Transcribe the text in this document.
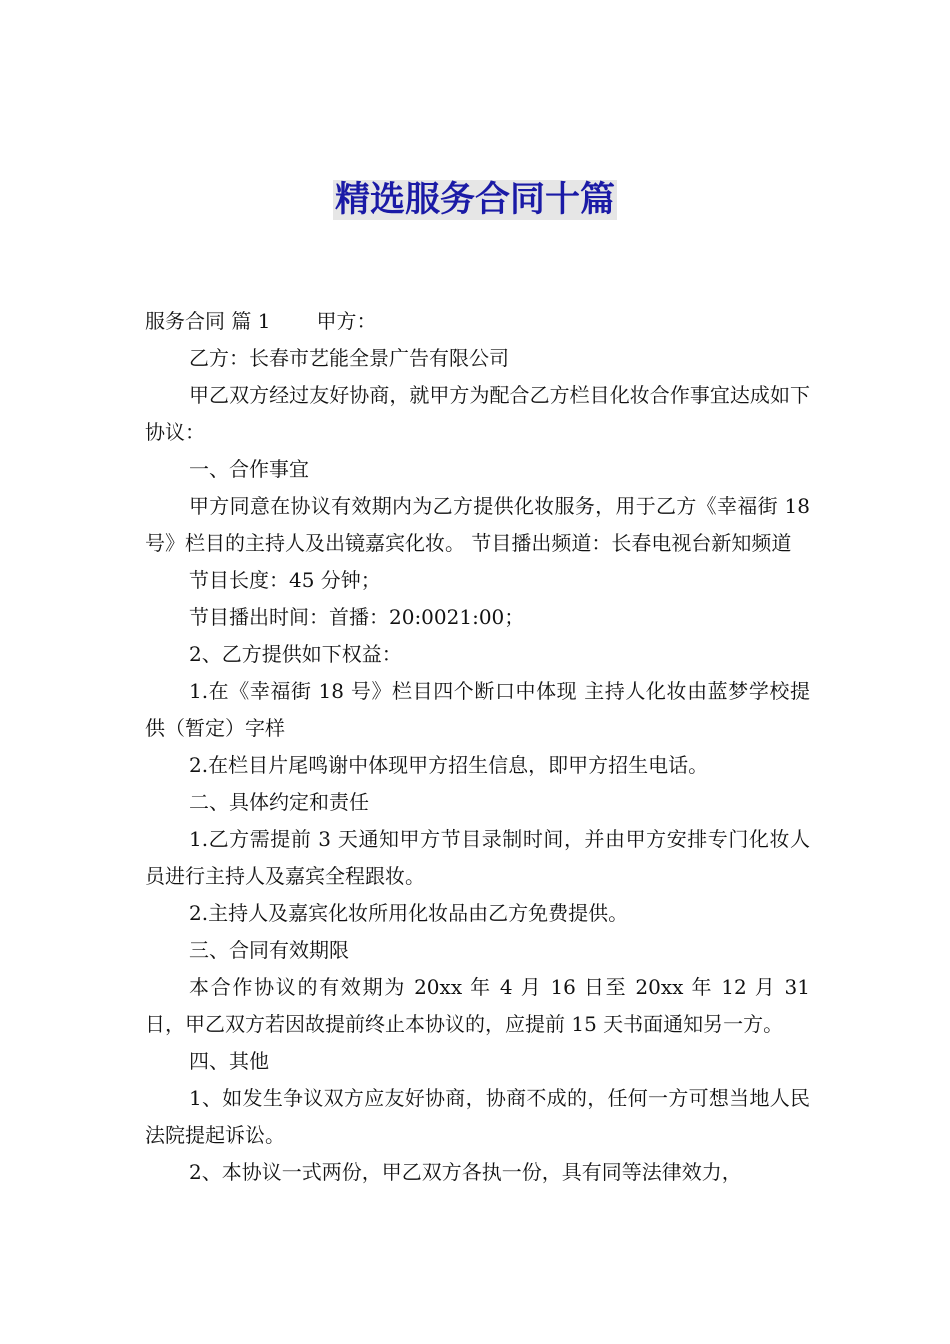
精选服务合同十篇

服务合同 篇 1 甲方：

乙方：长春市艺能全景广告有限公司

甲乙双方经过友好协商，就甲方为配合乙方栏目化妆合作事宜达成如下协议：

一、合作事宜

甲方同意在协议有效期内为乙方提供化妆服务，用于乙方《幸福街 18 号》栏目的主持人及出镜嘉宾化妆。 节目播出频道：长春电视台新知频道

节目长度：45 分钟；

节目播出时间：首播：20:0021:00；

2、乙方提供如下权益：

1.在《幸福街 18 号》栏目四个断口中体现 主持人化妆由蓝梦学校提供（暂定）字样

2.在栏目片尾鸣谢中体现甲方招生信息，即甲方招生电话。

二、具体约定和责任

1.乙方需提前 3 天通知甲方节目录制时间，并由甲方安排专门化妆人员进行主持人及嘉宾全程跟妆。

2.主持人及嘉宾化妆所用化妆品由乙方免费提供。

三、合同有效期限

本合作协议的有效期为 20xx 年 4 月 16 日至 20xx 年 12 月 31 日，甲乙双方若因故提前终止本协议的，应提前 15 天书面通知另一方。

四、其他

1、如发生争议双方应友好协商，协商不成的，任何一方可想当地人民法院提起诉讼。

2、本协议一式两份，甲乙双方各执一份，具有同等法律效力，
